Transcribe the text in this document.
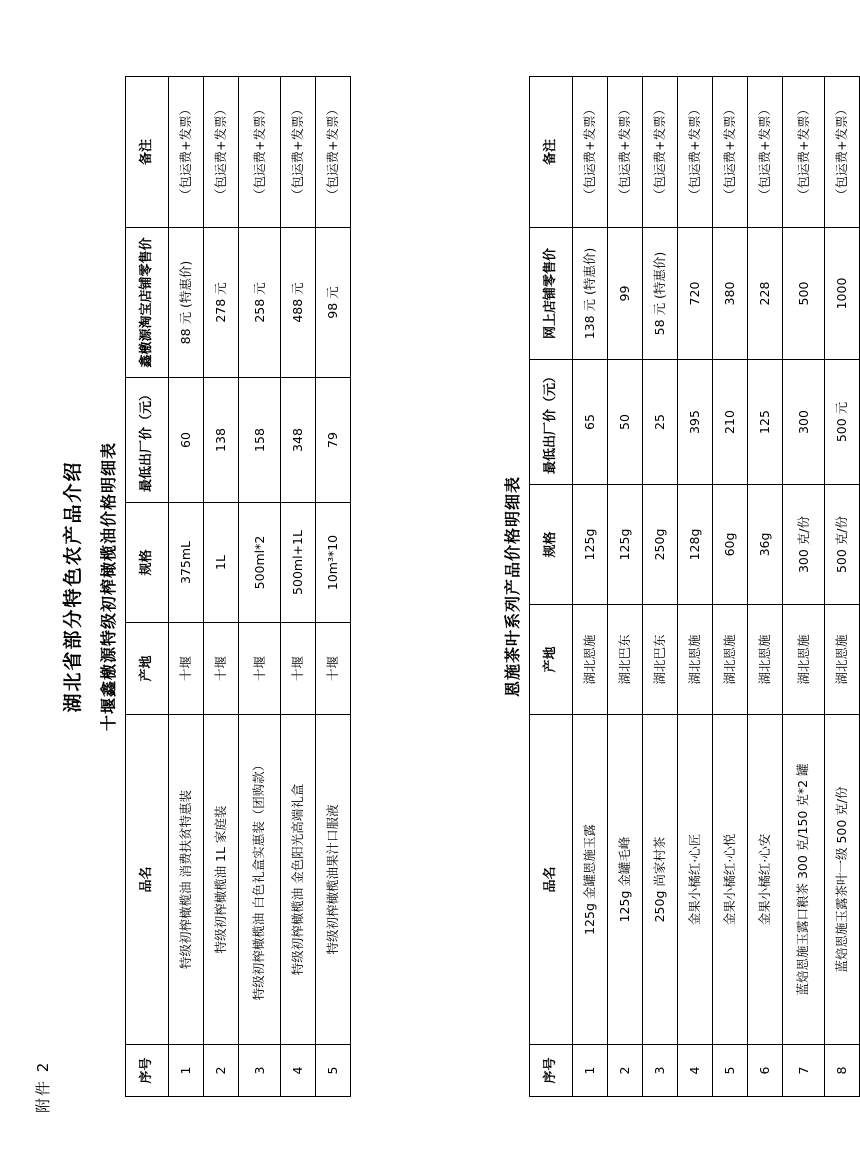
附件 2
湖北省部分特色农产品介绍 十堰鑫檄源特级初榨橄榄油价格明细表
序号	品名	产地	规格	最低出厂价（元）	鑫檄源淘宝店铺零售价	备注
1	特级初榨橄榄油 消费扶贫特惠装	十堰	375mL	60	88 元 (特惠价)	（包运费+发票）
2	特级初榨橄榄油 1L 家庭装	十堰	1L	138	278 元	（包运费+发票）
3	特级初榨橄榄油 白色礼盒实惠装（团购款）	十堰	500ml*2	158	258 元	（包运费+发票）
4	特级初榨橄榄油 金色阳光高端礼盒	十堰	500ml+1L	348	488 元	（包运费+发票）
5	特级初榨橄榄油果汁口服液	十堰	10m³*10	79	98 元	（包运费+发票）
恩施茶叶系列产品价格明细表
序号	品名	产地	规格	最低出厂价（元）	网上店铺零售价	备注
1	125g 金罐恩施玉露	湖北恩施	125g	65	138 元 (特惠价)	（包运费+发票）
2	125g 金罐毛峰	湖北巴东	125g	50	99	（包运费+发票）
3	250g 尚家村茶	湖北巴东	250g	25	58 元 (特惠价)	（包运费+发票）
4	金果小橘红·心匠	湖北恩施	128g	395	720	（包运费+发票）
5	金果小橘红·心悦	湖北恩施	60g	210	380	（包运费+发票）
6	金果小橘红·心安	湖北恩施	36g	125	228	（包运费+发票）
7	蓝焙恩施玉露口粮茶 300 克/150 克*2 罐	湖北恩施	300 克/份	300	500	（包运费+发票）
8	蓝焙恩施玉露茶叶一级 500 克/份	湖北恩施	500 克/份	500 元	1000	（包运费+发票）
